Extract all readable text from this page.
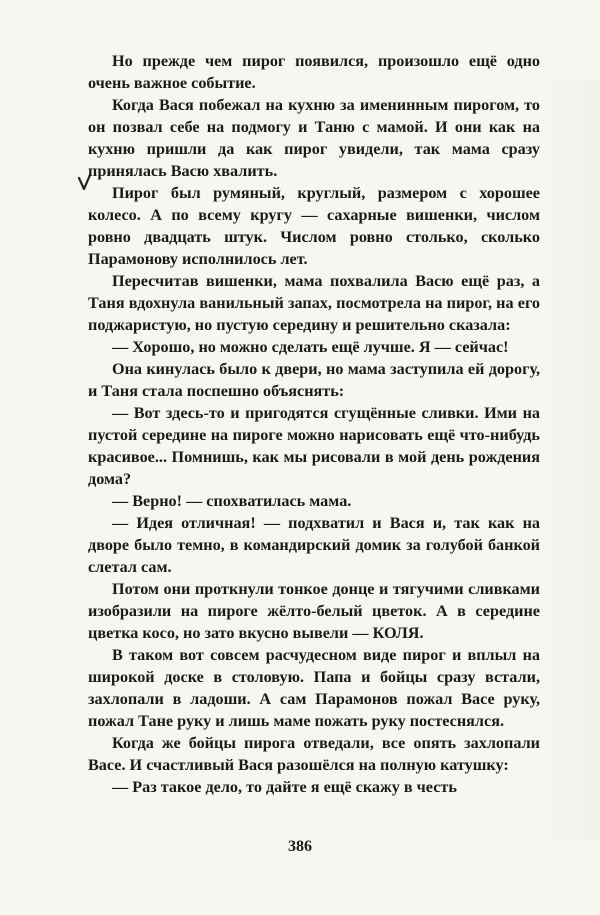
Но прежде чем пирог появился, произошло ещё одно очень важное событие.

Когда Вася побежал на кухню за именинным пирогом, то он позвал себе на подмогу и Таню с мамой. И они как на кухню пришли да как пирог увидели, так мама сразу принялась Васю хвалить.

Пирог был румяный, круглый, размером с хорошее колесо. А по всему кругу — сахарные вишенки, числом ровно двадцать штук. Числом ровно столько, сколько Парамонову исполнилось лет.

Пересчитав вишенки, мама похвалила Васю ещё раз, а Таня вдохнула ванильный запах, посмотрела на пирог, на его поджаристую, но пустую середину и решительно сказала:

— Хорошо, но можно сделать ещё лучше. Я — сейчас!

Она кинулась было к двери, но мама заступила ей дорогу, и Таня стала поспешно объяснять:

— Вот здесь-то и пригодятся сгущённые сливки. Ими на пустой середине на пироге можно нарисовать ещё что-нибудь красивое... Помнишь, как мы рисовали в мой день рождения дома?

— Верно! — спохватилась мама.

— Идея отличная! — подхватил и Вася и, так как на дворе было темно, в командирский домик за голубой банкой слетал сам.

Потом они проткнули тонкое донце и тягучими сливками изобразили на пироге жёлто-белый цветок. А в середине цветка косо, но зато вкусно вывели — КОЛЯ.

В таком вот совсем расчудесном виде пирог и вплыл на широкой доске в столовую. Папа и бойцы сразу встали, захлопали в ладоши. А сам Парамонов пожал Васе руку, пожал Тане руку и лишь маме пожать руку постеснялся.

Когда же бойцы пирога отведали, все опять захлопали Васе. И счастливый Вася разошёлся на полную катушку:

— Раз такое дело, то дайте я ещё скажу в честь

386
